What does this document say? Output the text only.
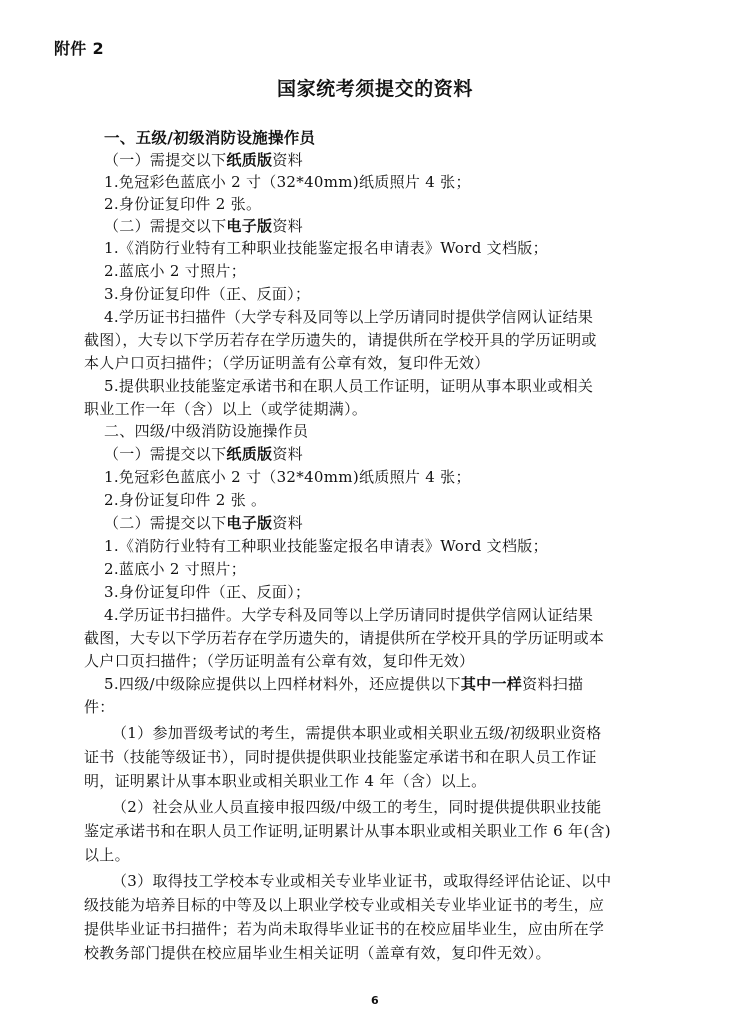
附件 2

国家统考须提交的资料

一、五级/初级消防设施操作员

（一）需提交以下纸质版资料

1.免冠彩色蓝底小 2 寸（32*40mm)纸质照片 4 张；

2.身份证复印件 2 张。

（二）需提交以下电子版资料

1.《消防行业特有工种职业技能鉴定报名申请表》Word 文档版；

2.蓝底小 2 寸照片；

3.身份证复印件（正、反面）；

4.学历证书扫描件（大学专科及同等以上学历请同时提供学信网认证结果

截图），大专以下学历若存在学历遗失的，请提供所在学校开具的学历证明或

本人户口页扫描件；（学历证明盖有公章有效，复印件无效）

5.提供职业技能鉴定承诺书和在职人员工作证明，证明从事本职业或相关

职业工作一年（含）以上（或学徒期满）。

二、四级/中级消防设施操作员

（一）需提交以下纸质版资料

1.免冠彩色蓝底小 2 寸（32*40mm)纸质照片 4 张；

2.身份证复印件 2 张 。

（二）需提交以下电子版资料

1.《消防行业特有工种职业技能鉴定报名申请表》Word 文档版；

2.蓝底小 2 寸照片；

3.身份证复印件（正、反面）；

4.学历证书扫描件。大学专科及同等以上学历请同时提供学信网认证结果

截图，大专以下学历若存在学历遗失的，请提供所在学校开具的学历证明或本

人户口页扫描件；（学历证明盖有公章有效，复印件无效）

5.四级/中级除应提供以上四样材料外，还应提供以下其中一样资料扫描

件：

（1）参加晋级考试的考生，需提供本职业或相关职业五级/初级职业资格

证书（技能等级证书），同时提供提供职业技能鉴定承诺书和在职人员工作证

明，证明累计从事本职业或相关职业工作 4 年（含）以上。

（2）社会从业人员直接申报四级/中级工的考生，同时提供提供职业技能

鉴定承诺书和在职人员工作证明,证明累计从事本职业或相关职业工作 6 年(含)

以上。

（3）取得技工学校本专业或相关专业毕业证书，或取得经评估论证、以中

级技能为培养目标的中等及以上职业学校专业或相关专业毕业证书的考生，应

提供毕业证书扫描件；若为尚未取得毕业证书的在校应届毕业生，应由所在学

校教务部门提供在校应届毕业生相关证明（盖章有效，复印件无效）。

6
